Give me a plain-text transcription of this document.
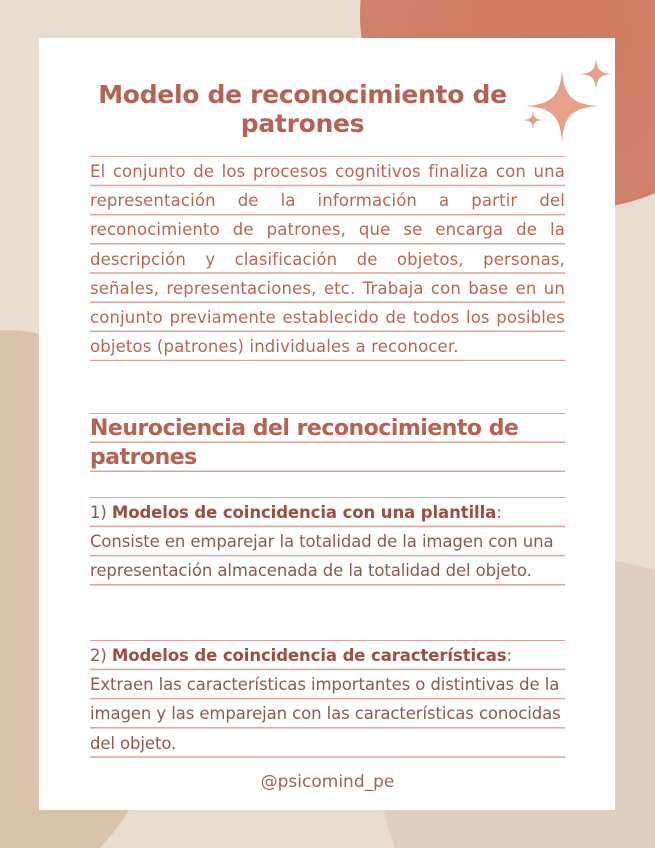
Modelo de reconocimiento de patrones

El conjunto de los procesos cognitivos finaliza con una representación de la información a partir del reconocimiento de patrones, que se encarga de la descripción y clasificación de objetos, personas, señales, representaciones, etc. Trabaja con base en un conjunto previamente establecido de todos los posibles objetos (patrones) individuales a reconocer.

Neurociencia del reconocimiento de patrones
1) Modelos de coincidencia con una plantilla:
Consiste en emparejar la totalidad de la imagen con una representación almacenada de la totalidad del objeto.
2) Modelos de coincidencia de características:
Extraen las características importantes o distintivas de la imagen y las emparejan con las características conocidas del objeto.
@psicomind_pe
